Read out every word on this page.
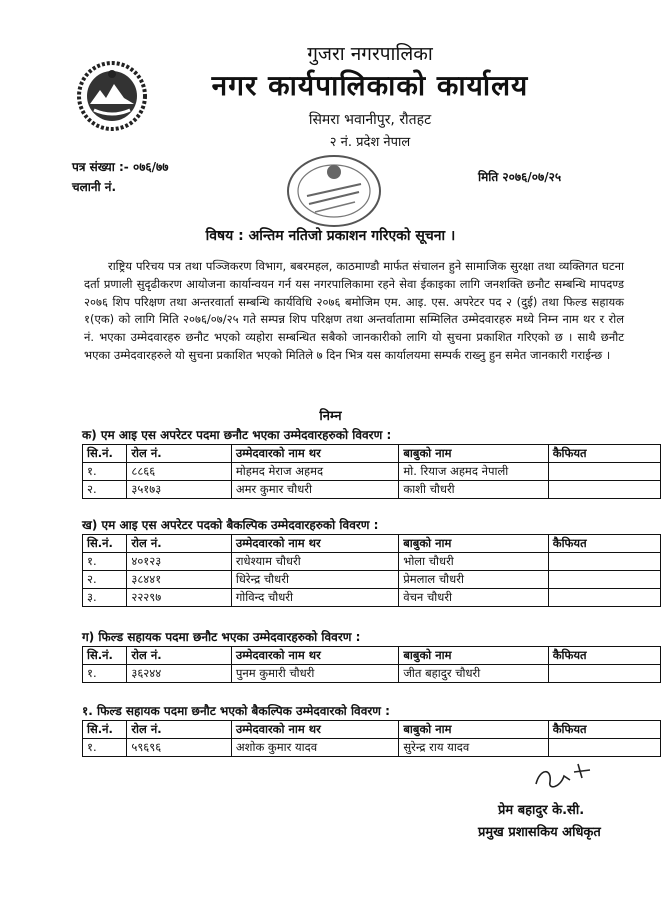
गुजरा नगरपालिका
नगर कार्यपालिकाको कार्यालय
सिमरा भवानीपुर, रौतहट
२ नं. प्रदेश नेपाल
पत्र संख्या :- ०७६/७७
चलानी नं.
मिति २०७६/०७/२५
विषय : अन्तिम नतिजो प्रकाशन गरिएको सूचना ।
राष्ट्रिय परिचय पत्र तथा पञ्जिकरण विभाग, बबरमहल, काठमाण्डौ मार्फत संचालन हुने सामाजिक सुरक्षा तथा व्यक्तिगत घटना दर्ता प्रणाली सुदृढीकरण आयोजना कार्यान्वयन गर्न यस नगरपालिकामा रहने सेवा ईकाइका लागि जनशक्ति छनौट सम्बन्धि मापदण्ड २०७६ शिप परिक्षण तथा अन्तरवार्ता सम्बन्धि कार्यविधि २०७६ बमोजिम एम. आइ. एस. अपरेटर पद २ (दुई) तथा फिल्ड सहायक १(एक) को लागि मिति २०७६/०७/२५ गते सम्पन्न शिप परिक्षण तथा अन्तर्वातामा सम्मिलित उम्मेदवारहरु मध्ये निम्न नाम थर र रोल नं. भएका उम्मेदवारहरु छनौट भएको व्यहोरा सम्बन्धित सबैको जानकारीको लागि यो सुचना प्रकाशित गरिएको छ । साथै छनौट भएका उम्मेदवारहरुले यो सुचना प्रकाशित भएको मितिले ७ दिन भित्र यस कार्यालयमा सम्पर्क राख्नु हुन समेत जानकारी गराईन्छ ।
निम्न
क) एम आइ एस अपरेटर पदमा छनौट भएका उम्मेदवारहरुको विवरण :
सि.नं.	रोल नं.	उम्मेदवारको नाम थर	बाबुको नाम	कैफियत
१.	८८६६	मोहमद मेराज अहमद	मो. रियाज अहमद नेपाली	
२.	३५१७३	अमर कुमार चौधरी	काशी चौधरी	
ख) एम आइ एस अपरेटर पदको बैकल्पिक उम्मेदवारहरुको विवरण :
सि.नं.	रोल नं.	उम्मेदवारको नाम थर	बाबुको नाम	कैफियत
१.	४०१२३	राधेश्याम चौधरी	भोला चौधरी	
२.	३८४४१	धिरेन्द्र चौधरी	प्रेमलाल चौधरी	
३.	२२२९७	गोविन्द चौधरी	वेचन चौधरी	
ग) फिल्ड सहायक पदमा छनौट भएका उम्मेदवारहरुको विवरण :
सि.नं.	रोल नं.	उम्मेदवारको नाम थर	बाबुको नाम	कैफियत
१.	३६२४४	पुनम कुमारी चौधरी	जीत बहादुर चौधरी	
१. फिल्ड सहायक पदमा छनौट भएको बैकल्पिक उम्मेदवारको विवरण :
सि.नं.	रोल नं.	उम्मेदवारको नाम थर	बाबुको नाम	कैफियत
१.	५९६९६	अशोक कुमार यादव	सुरेन्द्र राय यादव	
प्रेम बहादुर के.सी.
प्रमुख प्रशासकिय अधिकृत
